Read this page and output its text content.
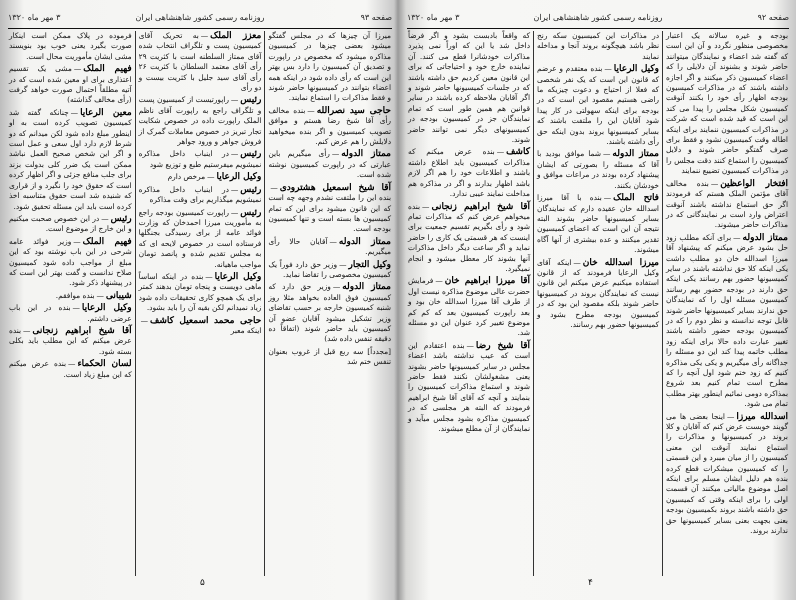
صفحه ۹۲
روزنامه رسمی کشور شاهنشاهی ایران
۳ مهر ماه ۱۳۲۰
بودجه و غیره سالانه یک اعتبار مخصوصی منظور نگردد و آن این است که گفته شد اعضاء و نمایندگان میتوانند حاضر شوند و بشنوند آن دلایلی را که اعضاء کمیسیون ذکر میکنند و اگر اجازه داشته باشند که در مذاکرات کمیسیون بودجه اظهار رأی خود را بکنند آنوقت کمیسیون شکل مجلس را پیدا می کند این است که قید شده است که شرکت در مذاکرات کمیسیون ننمایند برای اینکه اطاله وقت کمیسیون نشود و فقط برای صرف گفتگو حاضر شوند و دلایل کمیسیون را استماع کنند دقت مجلس را در مذاکرات کمیسیون تضییع ننمایند
افتخار الواعظین—بنده مخالف آقای مؤتمن الملک هستم که فرمودند اگر حق استماع نداشته باشند آنوقت اعتراض وارد است بر نمایندگانی که در مذاکرات حاضر میشوند.
ممتاز الدوله—برای آنکه مطلب زود حل بشود عرض میکنم که پیشنهاد آقا میرزا اسدالله خان دو مطلب داشت یکی اینکه کلا حق نداشته باشند در سایر کمیسیونها حضور بهم رسانند یکی اینکه حق دارند در بودجه حضور بهم رسانند کمیسیون مسئله اول را که نمایندگان حق ندارند بسایر کمیسیونها حاضر شوند قابل توجه ندانسته و نظر دوم را که در کمیسیون بودجه حضور داشته باشند تغییر عبارت داده حالا برای اینکه زود مطلب خاتمه پیدا کند این دو مسئله را جداگانه رأی میگیریم و یکی یکی مذاکره کنیم که زود ختم شود اول آنچه را که مطرح است تمام کنیم بعد شروع بمذاکره دومی نمائیم اینطور بهتر مطلب تمام می شود.
اسدالله میرزا—اینجا بعضی ها می گویند خوبست عرض کنم که آقایان و کلا بروند در کمیسیونها و مذاکرات را استماع نمایند آنوقت این معنی کمیسیون را از میان میبرد و این قسمتی را که کمیسیون میشکرات قطع کرده بنده هم دلیل ایشان مسلم برای اینکه اصل موضوع مالیاتی میکنند آن قسمت اولی را برای اینکه وقتی که کمیسیون حق داشته باشند بروند بکمیسیون بودجه بعنی بجهت بعنی بسایر کمیسیونها حق ندارند بروند.
در مذاکرات این کمیسیون سکه رنج نظر باشد هیچگونه بروند آنجا و مداخله نمایند
وکیل الرعایا—بنده معتقدم و عرضم که قانون این است که یک نفر شخصی که فعلا از احتیاج و دعوت چیزیکه ما راضی هستیم مقصود این است که در بودجه برای اینکه سهولتی در کار پیدا شود آقایان این را ملتفت باشند که بسایر کمیسیونها بروند بدون اینکه حق رأی داشته باشند.
ممتاز الدوله—شما موافق بودید با آقا که مسئله را بصورتی که ایشان پیشنهاد کرده بودند در مراعات موافق و خودشان بکنند.
فاتح الملک—بنده با آقا میرزا اسدالله خان عقیده دارم که نمایندگان بسایر کمیسیونها حاضر بشوند البته نتیجه آن این است که اعضای کمیسیون تقدیر میکنند و عده بیشتری از آنها آگاه میشوند.
میرزا اسدالله خان—اینکه آقای وکیل الرعایا فرمودند که از قانون استفاده میکنیم عرض میکنم این قانون نیست که نمایندگان بروند در کمیسیونها حاضر شوند بلکه مقصود این بود که در کمیسیون بودجه مطرح بشود و کمیسیونها حضور بهم رسانند.
که واقعاً بادبست بشود و اگر فرضاً داخل شد یا این که اوراً نمی پذیرد مذاکرات خودشانرا قطع می کنند. آن نماینده خارج خود و احتیاجاتی که برای این قانون معین کردیم حق داشته باشند که در جلسات کمیسیونها حاضر شوند و اگر آقایان ملاحظه کرده باشند در سایر قوانین هم همین طور است که تمام نمایندگان جز در کمیسیون بودجه در کمیسیونهای دیگر نمی توانند حاضر شوند.
کاشف—بنده عرض میکنم که مذاکرات کمیسیون باید اطلاع داشته باشند و اطلاعات خود را هم اگر لازم باشد اظهار بدارند و اگر در مذاکره هم مداخلت نمایند عیبی ندارد.
آقا شیخ ابراهیم زنجانی—بنده میخواهم عرض کنم که مذاکرات تمام شود و رأی بگیریم تقسیم جمعیت برای اینست که هر قسمتی یک کاری را حاضر نماید و اگر ساعت دیگر داخل مذاکرات آنها بشوند کار معطل میشود و انجام نمیگیرد.
آقا میرزا ابراهیم خان—فرمایش حضرت عالی موضوع مذاکره نیست اول از طرف آقا میرزا اسدالله خان بود و بعد راپورت کمیسیون بعد که کم کم موضوع تغییر کرد عنوان این دو مسئله شد.
آقا شیخ رضا—بنده اعتقادم این است که عیب نداشته باشد اعضاء مجلس در سایر کمیسیونها حاضر بشوند یعنی مشغولشان نکنند فقط حاضر شوند و استماع مذاکرات کمیسیون را بنمایند و آنچه که آقای آقا شیخ ابراهیم فرمودند که البته هر مجلسی که در کمیسیون مذاکره بشود مجلس میآید و نمایندگان از آن مطلع میشوند.
۴
صفحه ۹۳
روزنامه رسمی کشور شاهنشاهی ایران
۳ مهر ماه ۱۳۲۰
میرزا آن چیزها که در مجلس گفتگو میشود بعضی چیزها در کمیسیون مذاکره میشود که مخصوص در راپورت و تصدیق آن کمیسیون را دارد بس بهتر این است که رأی داده شود در اینکه همه اعضاء بتوانند در کمیسیونها حاضر شوند و فقط مذاکرات را استماع نمایند.
حاجی سید نصرالله—بنده مخالف رأی آقا شیخ رضا هستم و موافق تصویب کمیسیون و اگر بنده میخواهید دلایلش را هم عرض کنم.
ممتاز الدوله—رأی میگیریم باین عبارتی که در راپورت کمیسیون نوشته شده است.
آقا شیخ اسمعیل هشترودی—بنده این را ملتفت نشدم وجهه چه است که این قانون میشود برای این که تمام کمیسیون ها بسته است و تنها کمیسیون بودجه است.
ممتاز الدوله—آقایان حالا رأی میگیریم.
وکیل التجار—وزیر حق دارد فوراً یک کمیسیون مخصوصی را تقاضا نماید.
ممتاز الدوله—وزیر حق دارد که کمیسیون فوق العاده بخواهد مثلا روز شنبه کمیسیون خارجه بر حسب تقاضای وزیر تشکیل میشود آقایان عضو آن کمیسیون باید حاضر شوند (اتفاقاً ده دقیقه تنفس داده شد)
[مجدداً] سه ربع قبل از غروب بعنوان تنفس ختم شد
معزز الملک—به تحریک آقای کمیسیون پست و تلگراف انتخاب شده آقای ممتاز السلطنه است با کثریت ۲۹ رأی آقای معتمد السلطان با کثریت ۲۶ رأی آقای سید جلیل با کثریت بیست و دو رأی
رئیس—راپورتیست از کمیسیون پست و تلگراف راجع به راپورت آقای ناظم الملک راپورت داده در خصوص شکایت تجار تبریز در خصوص معاملات گمرک از فروش جواهر و ورود جواهر
رئیس—در اینباب داخل مذاکره نمیشویم میفرستیم طبع و توزیع شود
وکیل الرعایا—مرخص دارم
رئیس—در اینباب داخل مذاکره نمیشویم میگذاریم برای وقت مذاکره
رئیس—راپورت کمیسیون بودجه راجع به مأموریت میرزا احمدخان که وزارت فوائد عامه از برای رسیدگی بجنگلها فرستاده است در خصوص لایحه ای که به مجلس تقدیم شده و پانصد تومان مواجب ماهیانه.
وکیل الرعایا—بنده در اینکه اساساً ماهی دویست و پنجاه تومان بدهند کمتر برای یک همچو کاری تحقیقات داده شود زیاد نمیدانم لکن بقیه آن را باید بشود.
حاجی محمد اسمعیل کاشف—اینکه معبر
فرموده در پلاک ممکن است اینکار صورت بگیرد یعنی خوب بود بنویسند مشی ایشان مأموریت محال است.
فهیم الملک—مشی یک تقسیم اعتذاری برای او معین شده است که در آتیه مطلقاً احتمال صورت خواهد گرفت (رأی مخالف گذاشته)
معین الرعایا—چنانکه گفته شد کمیسیون تصویب کرده است به او اینطور مبلغ داده شود لکن میدانم که دو شرط لازم دارد اول سعی و عمل است و اگر این شخص صحیح العمل نباشد ممکن است یک ضرر کلی بدولت بزند برای جلب منافع جزئی و اگر اظهار کرده است که حقوق خود را نگیرد و از قراری که شنیده شد است حقوق متناسبه اخذ کرده است باید این مسئله تحقیق شود.
رئیس—در این خصوص صحبت میکنیم و این خارج از موضوع است.
فهیم الملک—وزیر فوائد عامه شرحی در این باب نوشته بود که این مبلغ از مواجب داده شود کمیسیون صلاح ندانست و گفت بهتر این است که در پیشنهاد ذکر شود.
شیبانی—بنده موافقم.
وکیل الرعایا—بنده در این باب عرضی داشتم.
آقا شیخ ابراهیم زنجانی—بنده عرض میکنم که این مطلب باید بکلی بسته شود.
لسان الحکماء—بنده عرض میکنم که این مبلغ زیاد است.
۵
